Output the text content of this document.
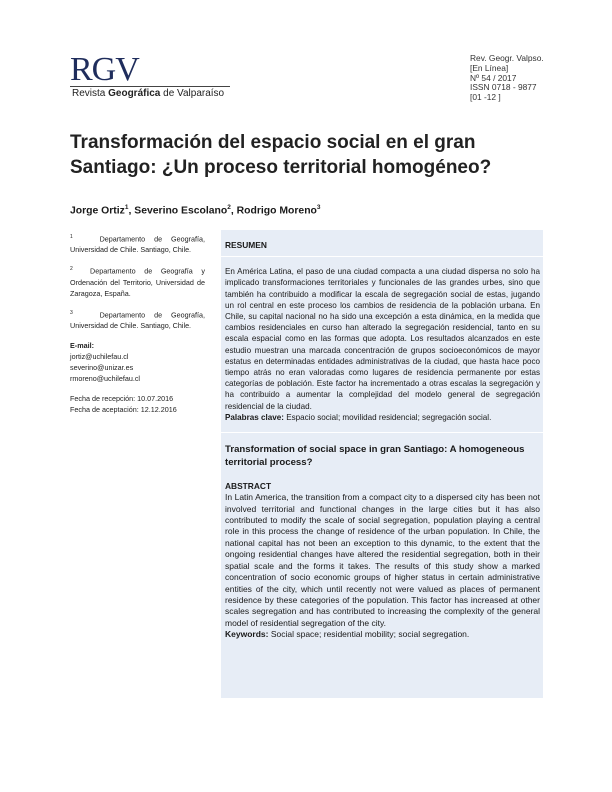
RGV
Revista Geográfica de Valparaíso
Rev. Geogr. Valpso.
[En Línea]
Nº 54 / 2017
ISSN 0718 - 9877
[01 -12 ]
Transformación del espacio social en el gran
Santiago: ¿Un proceso territorial homogéneo?
Jorge Ortiz$^1$, Severino Escolano$^2$, Rodrigo Moreno$^3$
$^1$	Departamento de Geografía, Universidad de Chile. Santiago, Chile.
$^2$ Departamento de Geografía y Ordenación del Territorio, Universidad de Zaragoza, España.
$^3$	Departamento de Geografía, Universidad de Chile. Santiago, Chile.
E-mail:
jortiz@uchilefau.cl
severino@unizar.es
rmoreno@uchilefau.cl
Fecha de recepción: 10.07.2016
Fecha de aceptación: 12.12.2016
RESUMEN
En América Latina, el paso de una ciudad compacta a una ciudad dispersa no solo ha implicado transformaciones territoriales y funcionales de las grandes urbes, sino que también ha contribuido a modificar la escala de segregación social de estas, jugando un rol central en este proceso los cambios de residencia de la población urbana. En Chile, su capital nacional no ha sido una excepción a esta dinámica, en la medida que cambios residenciales en curso han alterado la segregación residencial, tanto en su escala espacial como en las formas que adopta. Los resultados alcanzados en este estudio muestran una marcada concentración de grupos socioeconómicos de mayor estatus en determinadas entidades administrativas de la ciudad, que hasta hace poco tiempo atrás no eran valoradas como lugares de residencia permanente por estas categorías de población. Este factor ha incrementado a otras escalas la segregación y ha contribuido a aumentar la complejidad del modelo general de segregación residencial de la ciudad.
Palabras clave: Espacio social; movilidad residencial; segregación social.
Transformation of social space in gran Santiago: A homogeneous territorial process?
ABSTRACT
In Latin America, the transition from a compact city to a dispersed city has been not involved territorial and functional changes in the large cities but it has also contributed to modify the scale of social segregation, population playing a central role in this process the change of residence of the urban population. In Chile, the national capital has not been an exception to this dynamic, to the extent that the ongoing residential changes have altered the residential segregation, both in their spatial scale and the forms it takes. The results of this study show a marked concentration of socio economic groups of higher status in certain administrative entities of the city, which until recently not were valued as places of permanent residence by these categories of the population. This factor has increased at other scales segregation and has contributed to increasing the complexity of the general model of residential segregation of the city.
Keywords: Social space; residential mobility; social segregation.
